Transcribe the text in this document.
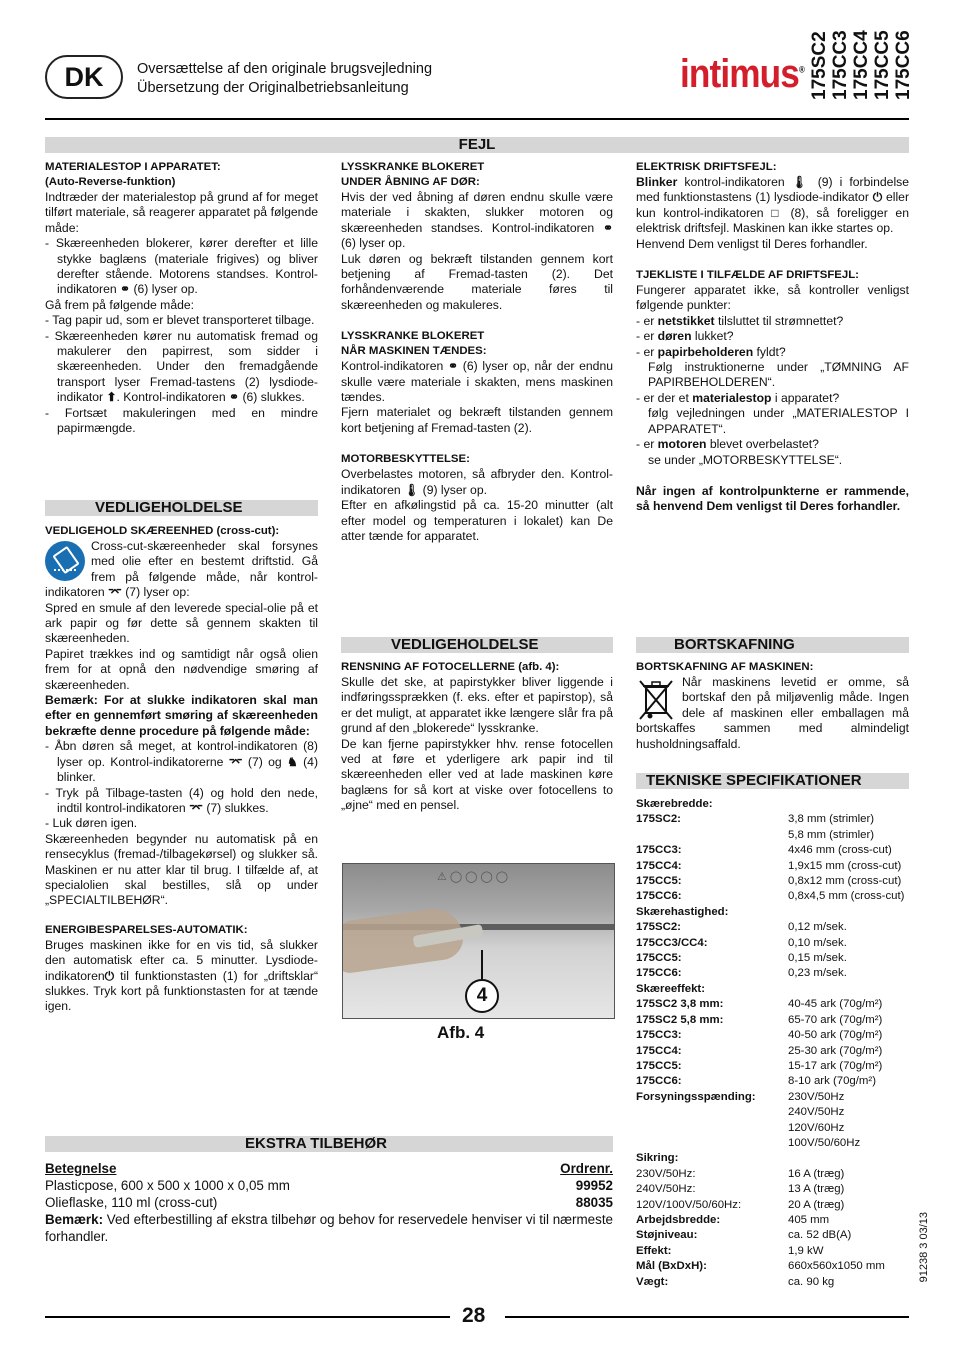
DK Oversættelse af den originale brugsvejledning
Übersetzung der Originalbetriebsanleitung	intimus® 175SC2 175CC3 175CC4 175CC5 175CC6
FEJL
MATERIALESTOP I APPARATET:
(Auto-Reverse-funktion)

Indtræder der materialestop på grund af for meget tilført materiale, så reagerer apparatet på følgende måde:

- Skæreenheden blokerer, kører derefter et lille stykke baglæns (materiale frigives) og bliver derefter stående. Motorens standses. Kontrol-indikatoren ⚭ (6) lyser op.

Gå frem på følgende måde:

- Tag papir ud, som er blevet transporteret tilbage.
- Skæreenheden kører nu automatisk fremad og makulerer den papirrest, som sidder i skæreenheden. Under den fremadgående transport lyser Fremad-tastens (2) lysdiode-indikator ⬆. Kontrol-indikatoren ⚭ (6) slukkes.
- Fortsæt makuleringen med en mindre papirmængde.
VEDLIGEHOLDELSE
VEDLIGEHOLD SKÆREENHED (cross-cut):

Cross-cut-skæreenheder skal forsynes med olie efter en bestemt driftstid. Gå frem på følgende måde, når kontrol-indikatoren ⌤ (7) lyser op:

Spred en smule af den leverede special-olie på et ark papir og før dette så gennem skakten til skæreenheden.

Papiret trækkes ind og samtidigt når også olien frem for at opnå den nødvendige smøring af skæreenheden.

Bemærk: For at slukke indikatoren skal man efter en gennemført smøring af skæreenheden bekræfte denne procedure på følgende måde:

- Åbn døren så meget, at kontrol-indikatoren (8) lyser op. Kontrol-indikatorerne ⌤ (7) og ♞ (4) blinker.
- Tryk på Tilbage-tasten (4) og hold den nede, indtil kontrol-indikatoren ⌤ (7) slukkes.
- Luk døren igen.

Skæreenheden begynder nu automatisk på en rensecyklus (fremad-/tilbagekørsel) og slukker så. Maskinen er nu atter klar til brug. I tilfælde af, at specialolien skal bestilles, slå op under „SPECIALTILBEHØR“.

ENERGIBESPARELSES-AUTOMATIK:

Bruges maskinen ikke for en vis tid, så slukker den automatisk efter ca. 5 minutter. Lysdiode-indikatoren⏻ til funktionstasten (1) for „driftsklar“ slukkes. Tryk kort på funktionstasten for at tænde igen.

LYSSKRANKE BLOKERET
UNDER ÅBNING AF DØR:

Hvis der ved åbning af døren endnu skulle være materiale i skakten, slukker motoren og skæreenheden standses. Kontrol-indikatoren ⚭ (6) lyser op.

Luk døren og bekræft tilstanden gennem kort betjening af Fremad-tasten (2). Det forhåndenværende materiale føres til skæreenheden og makuleres.

LYSSKRANKE BLOKERET
NÅR MASKINEN TÆNDES:

Kontrol-indikatoren ⚭ (6) lyser op, når der endnu skulle være materiale i skakten, mens maskinen tændes.

Fjern materialet og bekræft tilstanden gennem kort betjening af Fremad-tasten (2).

MOTORBESKYTTELSE:

Overbelastes motoren, så afbryder den. Kontrol-indikatoren 🌡 (9) lyser op.

Efter en afkølingstid på ca. 15-20 minutter (alt efter model og temperaturen i lokalet) kan De atter tænde for apparatet.

VEDLIGEHOLDELSE
RENSNING AF FOTOCELLERNE (afb. 4):

Skulle det ske, at papirstykker bliver liggende i indføringssprækken (f. eks. efter et papirstop), så er det muligt, at apparatet ikke længere slår fra på grund af den „blokerede“ lysskranke.

De kan fjerne papirstykker hhv. rense fotocellen ved at føre et yderligere ark papir ind til skæreenheden eller ved at lade maskinen køre baglæns for så kort at viske over fotocellens to „øjne“ med en pensel.

⚠◯◯◯◯
4
Afb. 4
EKSTRA TILBEHØR
Betegnelse	Ordrenr.
Plasticpose, 600 x 500 x 1000 x 0,05 mm	99952
Olieflaske, 110 ml (cross-cut)	88035

Bemærk: Ved efterbestilling af ekstra tilbehør og behov for reservedele henviser vi til nærmeste forhandler.

ELEKTRISK DRIFTSFEJL:

Blinker kontrol-indikatoren 🌡 (9) i forbindelse med funktionstastens (1) lysdiode-indikator ⏻ eller kun kontrol-indikatoren □ (8), så foreligger en elektrisk driftsfejl. Maskinen kan ikke startes op.

Henvend Dem venligst til Deres forhandler.

TJEKLISTE I TILFÆLDE AF DRIFTSFEJL:

Fungerer apparatet ikke, så kontroller venligst følgende punkter:

- er netstikket tilsluttet til strømnettet?
- er døren lukket?
- er papirbeholderen fyldt?
Følg instruktionerne under „TØMNING AF PAPIRBEHOLDEREN“.
- er der et materialestop i apparatet?
følg vejledningen under „MATERIALESTOP I APPARATET“.
- er motoren blevet overbelastet?
se under „MOTORBESKYTTELSE“.

Når ingen af kontrolpunkterne er rammende, så henvend Dem venligst til Deres forhandler.

BORTSKAFNING
BORTSKAFNING AF MASKINEN:

Når maskinens levetid er omme, så bortskaf den på miljøvenlig måde. Ingen dele af maskinen eller emballagen må bortskaffes sammen med almindeligt husholdningsaffald.

TEKNISKE SPECIFIKATIONER
Skærebredde:
175SC2:	3,8 mm (strimler)
5,8 mm (strimler)
175CC3:	4x46 mm (cross-cut)
175CC4:	1,9x15 mm (cross-cut)
175CC5:	0,8x12 mm (cross-cut)
175CC6:	0,8x4,5 mm (cross-cut)
Skærehastighed:
175SC2:	0,12 m/sek.
175CC3/CC4:	0,10 m/sek.
175CC5:	0,15 m/sek.
175CC6:	0,23 m/sek.
Skæreeffekt:
175SC2 3,8 mm:	40-45 ark (70g/m²)
175SC2 5,8 mm:	65-70 ark (70g/m²)
175CC3:	40-50 ark (70g/m²)
175CC4:	25-30 ark (70g/m²)
175CC5:	15-17 ark (70g/m²)
175CC6:	8-10 ark (70g/m²)
Forsyningsspænding:	230V/50Hz
240V/50Hz
120V/60Hz
100V/50/60Hz
Sikring:
230V/50Hz:	16 A (træg)
240V/50Hz:	13 A (træg)
120V/100V/50/60Hz:	20 A (træg)
Arbejdsbredde:	405 mm
Støjniveau:	ca. 52 dB(A)
Effekt:	1,9 kW
Mål (BxDxH):	660x560x1050 mm
Vægt:	ca. 90 kg	91238 3 03/13
28
